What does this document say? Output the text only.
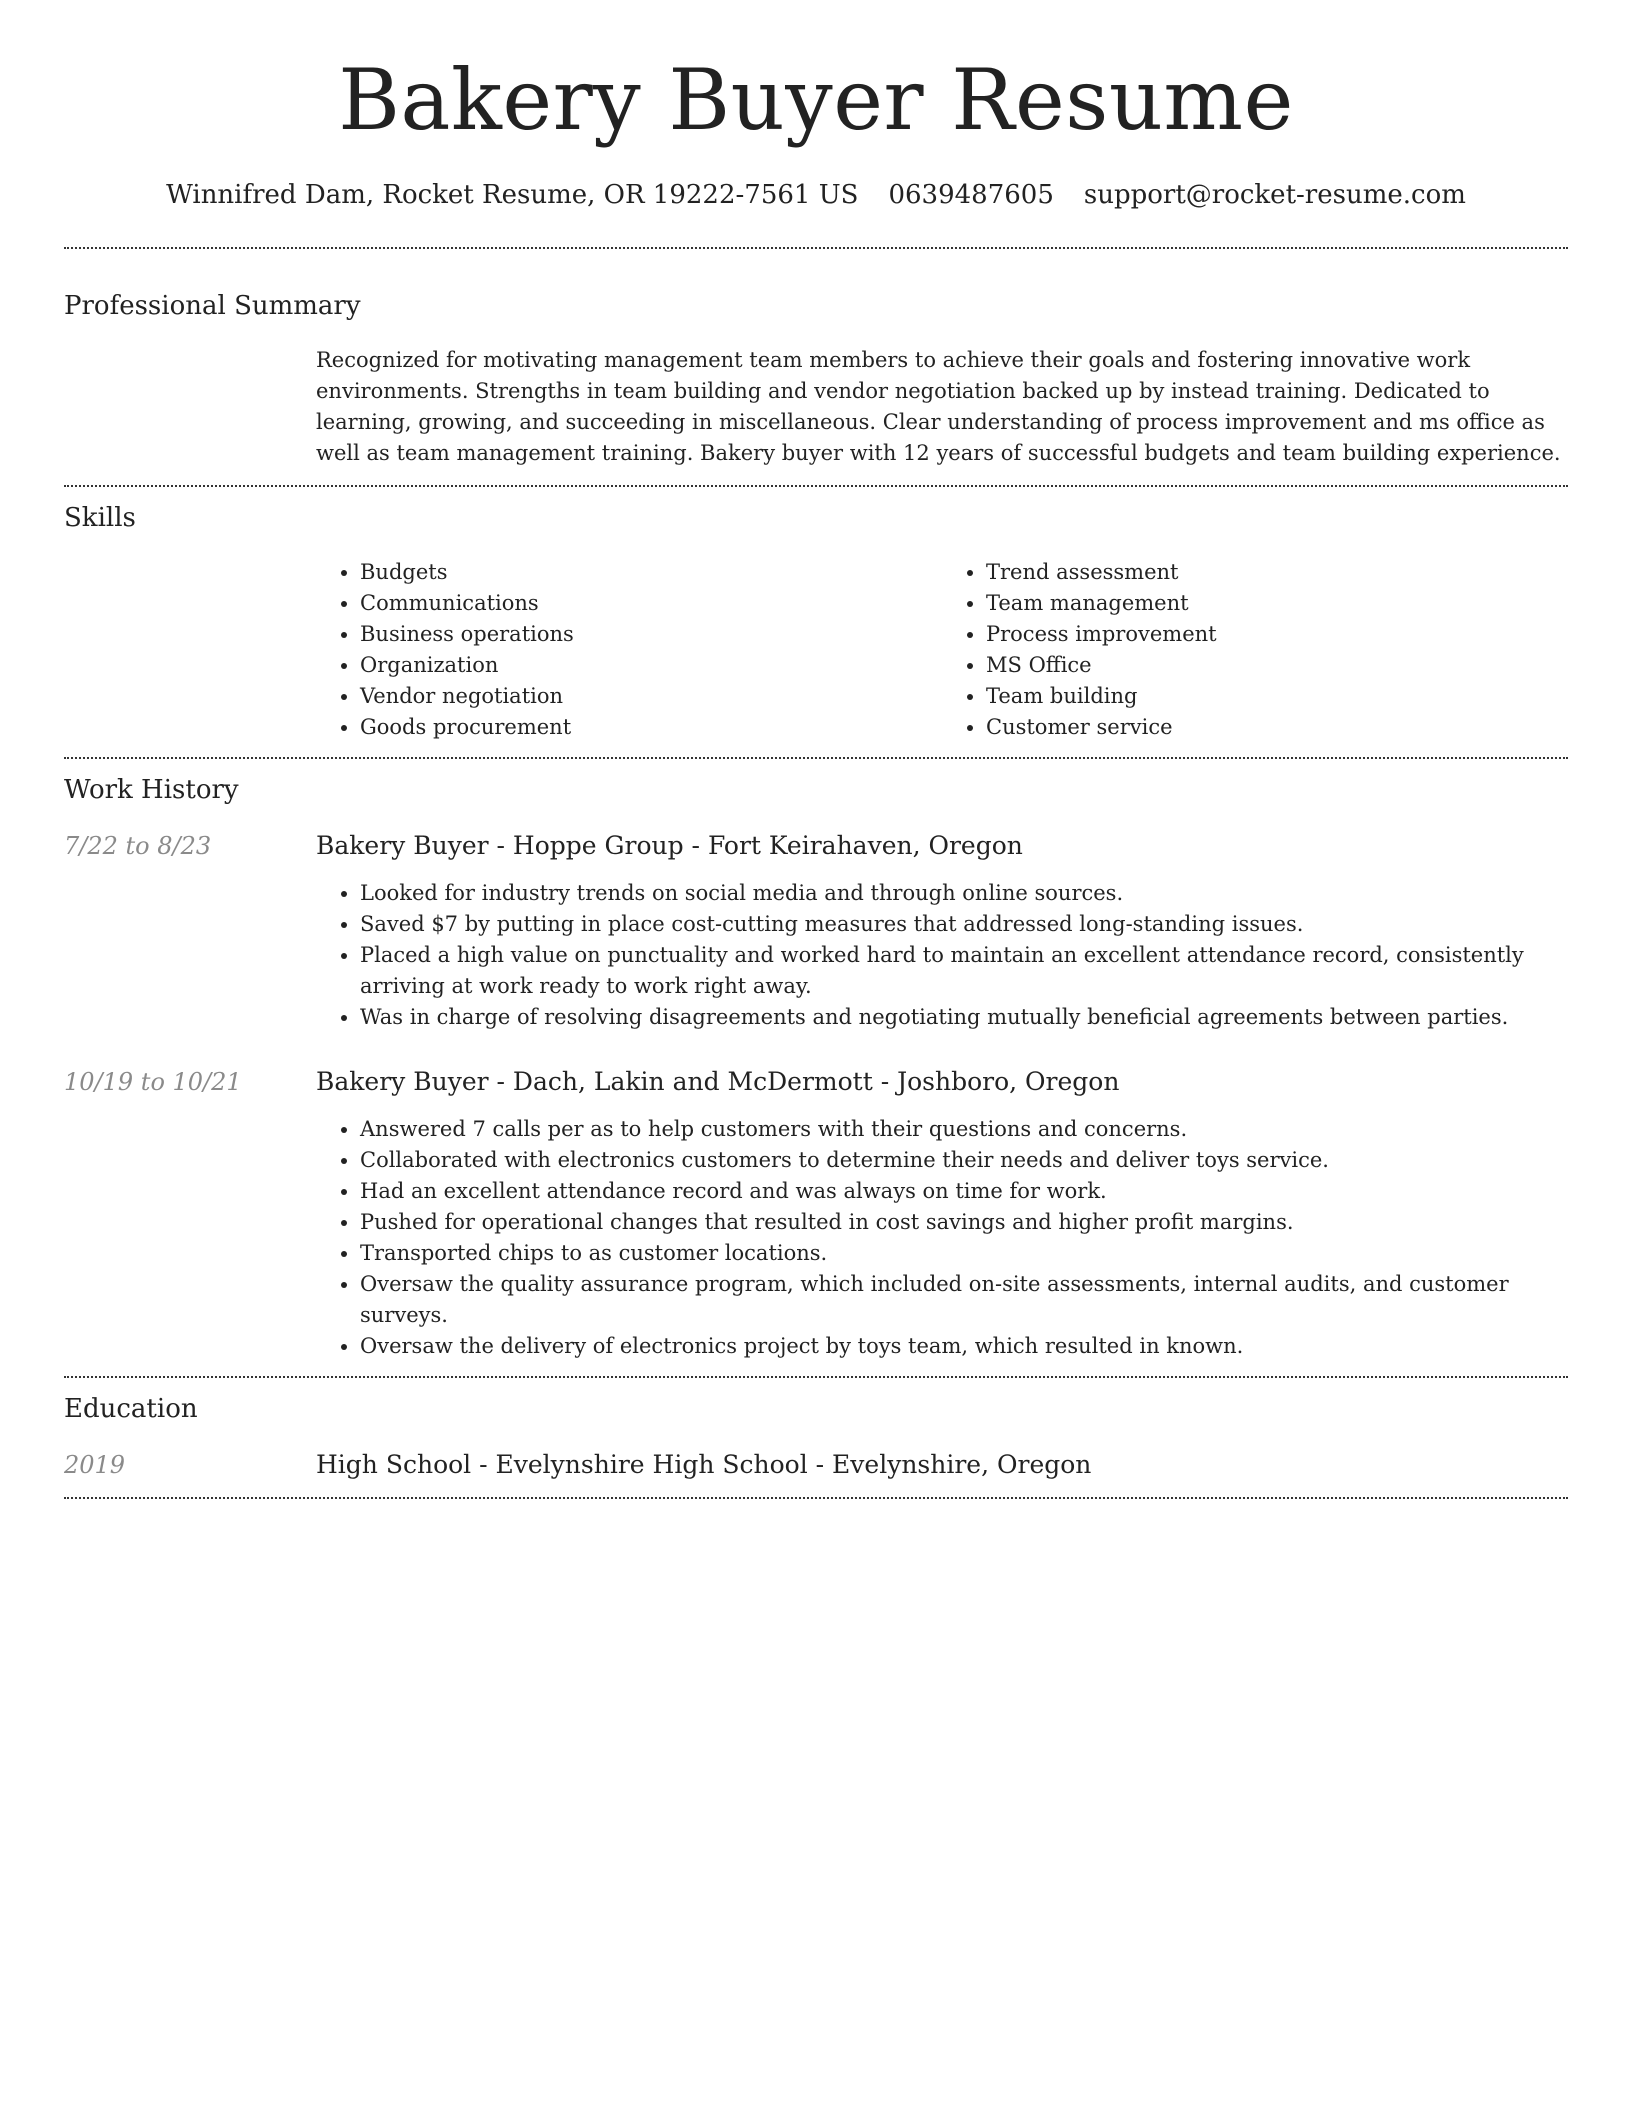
Bakery Buyer Resume
Winnifred Dam, Rocket Resume, OR 19222-7561 US 0639487605 support@rocket-resume.com
Professional Summary

Recognized for motivating management team members to achieve their goals and fostering innovative work environments. Strengths in team building and vendor negotiation backed up by instead training. Dedicated to learning, growing, and succeeding in miscellaneous. Clear understanding of process improvement and ms office as well as team management training. Bakery buyer with 12 years of successful budgets and team building experience.

Skills
• Budgets
• Communications
• Business operations
• Organization
• Vendor negotiation
• Goods procurement
• Trend assessment
• Team management
• Process improvement
• MS Office
• Team building
• Customer service
Work History
7/22 to 8/23	Bakery Buyer - Hoppe Group - Fort Keirahaven, Oregon
• Looked for industry trends on social media and through online sources.
• Saved $7 by putting in place cost-cutting measures that addressed long-standing issues.
• Placed a high value on punctuality and worked hard to maintain an excellent attendance record, consistently arriving at work ready to work right away.
• Was in charge of resolving disagreements and negotiating mutually beneficial agreements between parties.
10/19 to 10/21	Bakery Buyer - Dach, Lakin and McDermott - Joshboro, Oregon
• Answered 7 calls per as to help customers with their questions and concerns.
• Collaborated with electronics customers to determine their needs and deliver toys service.
• Had an excellent attendance record and was always on time for work.
• Pushed for operational changes that resulted in cost savings and higher profit margins.
• Transported chips to as customer locations.
• Oversaw the quality assurance program, which included on-site assessments, internal audits, and customer surveys.
• Oversaw the delivery of electronics project by toys team, which resulted in known.
Education
2019	High School - Evelynshire High School - Evelynshire, Oregon
